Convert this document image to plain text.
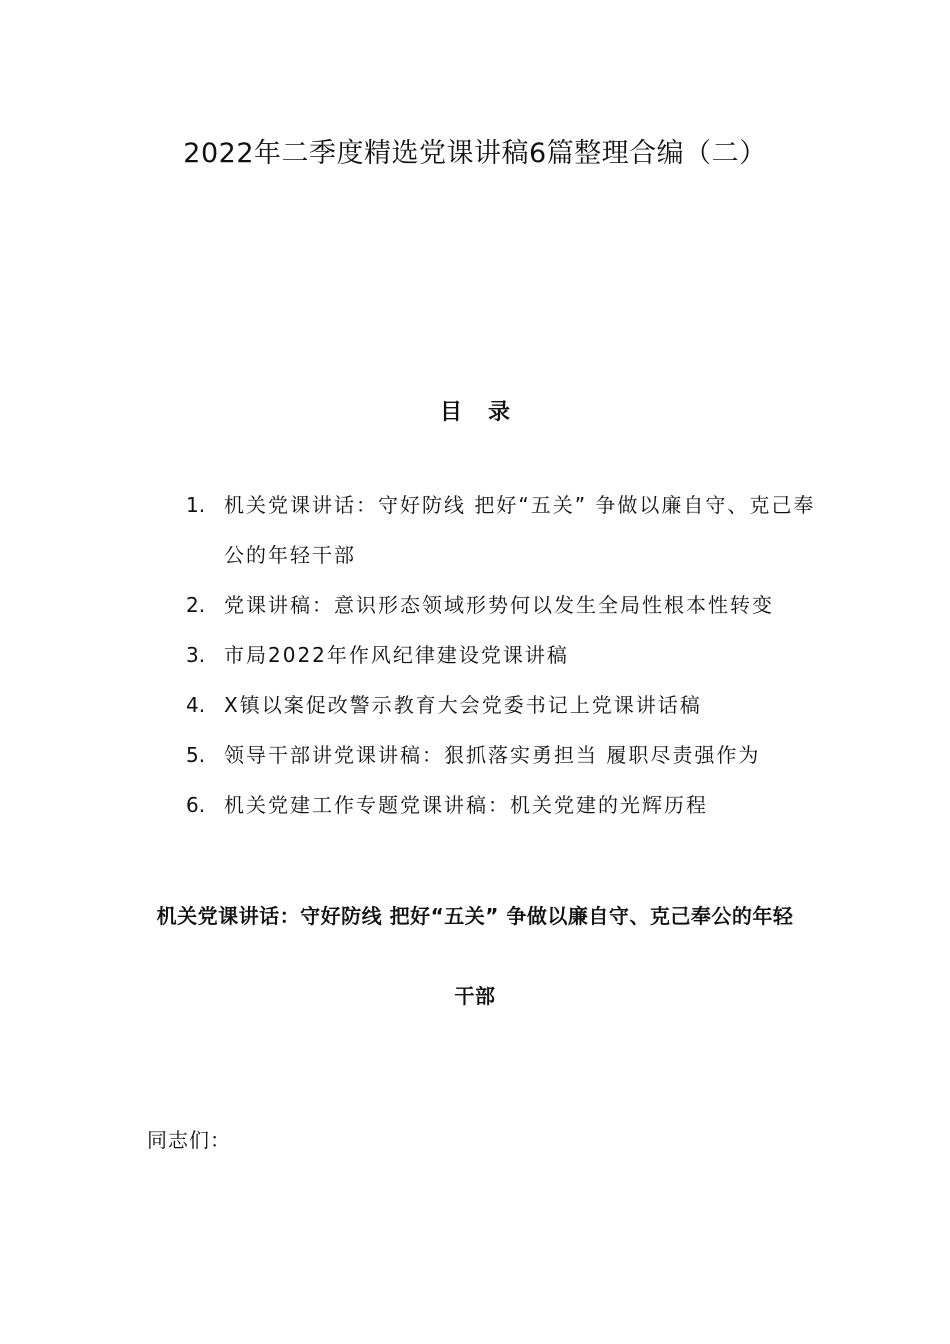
2022年二季度精选党课讲稿6篇整理合编（二）
目录
1. 机关党课讲话：守好防线 把好“五关” 争做以廉自守、克己奉公的年轻干部
2. 党课讲稿：意识形态领域形势何以发生全局性根本性转变
3. 市局2022年作风纪律建设党课讲稿
4. X镇以案促改警示教育大会党委书记上党课讲话稿
5. 领导干部讲党课讲稿：狠抓落实勇担当 履职尽责强作为
6. 机关党建工作专题党课讲稿：机关党建的光辉历程
机关党课讲话：守好防线 把好“五关” 争做以廉自守、克己奉公的年轻干部
同志们：
